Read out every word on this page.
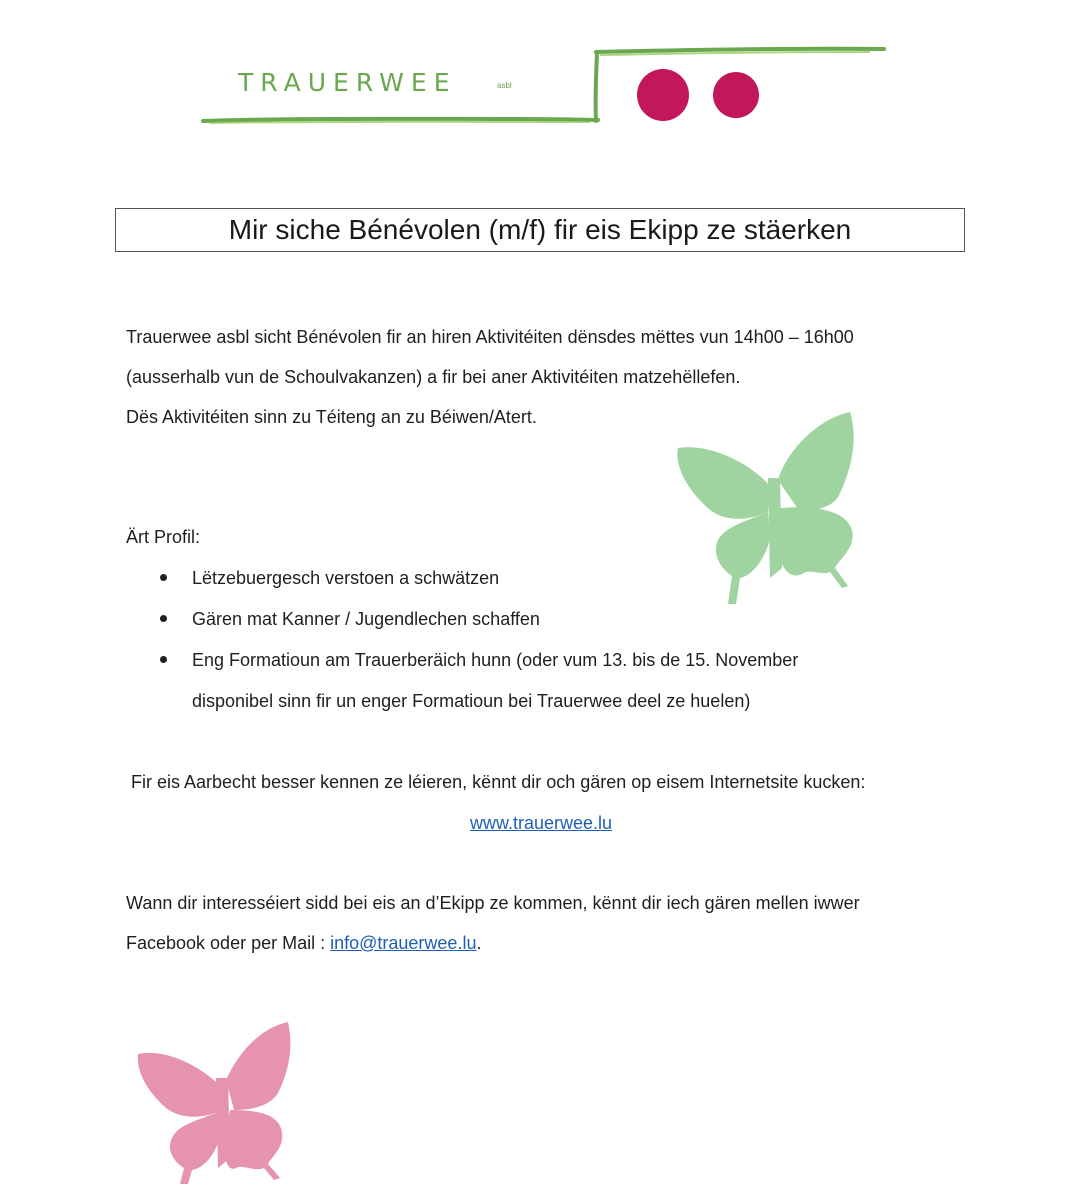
TRAUERWEE	asbl
Mir siche Bénévolen (m/f) fir eis Ekipp ze stäerken
Trauerwee asbl sicht Bénévolen fir an hiren Aktivitéiten dënsdes mëttes vun 14h00 – 16h00
(ausserhalb vun de Schoulvakanzen) a fir bei aner Aktivitéiten matzehëllefen.
Dës Aktivitéiten sinn zu Téiteng an zu Béiwen/Atert.
Ärt Profil:
Lëtzebuergesch verstoen a schwätzen
Gären mat Kanner / Jugendlechen schaffen
Eng Formatioun am Trauerberäich hunn (oder vum 13. bis de 15. November
disponibel sinn fir un enger Formatioun bei Trauerwee deel ze huelen)
Fir eis Aarbecht besser kennen ze léieren, kënnt dir och gären op eisem Internetsite kucken:
www.trauerwee.lu
Wann dir interesséiert sidd bei eis an d’Ekipp ze kommen, kënnt dir iech gären mellen iwwer
Facebook oder per Mail : info@trauerwee.lu.
